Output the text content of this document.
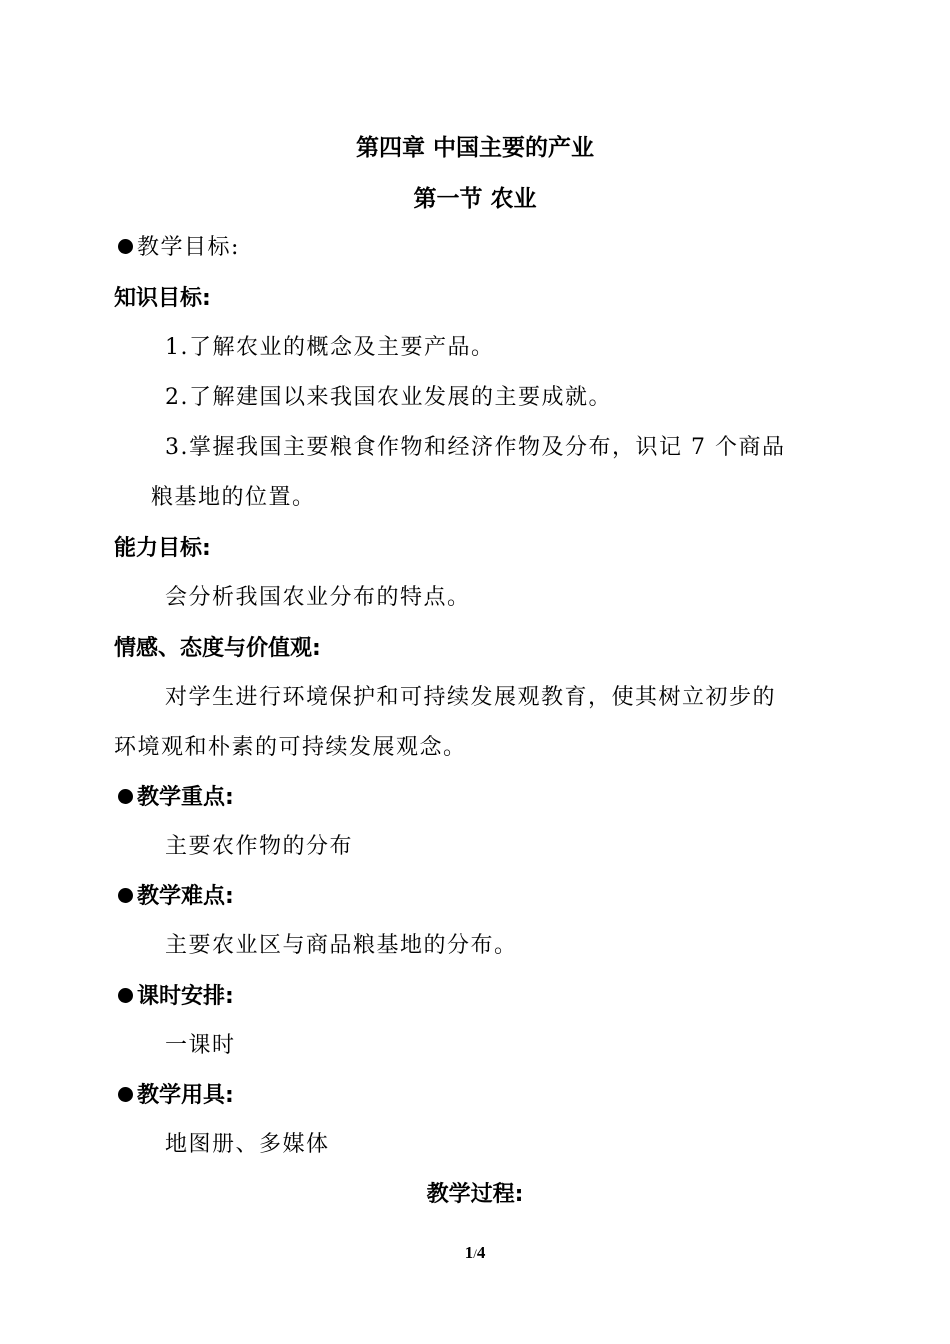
第四章 中国主要的产业
第一节 农业
教学目标:
知识目标:
1.了解农业的概念及主要产品。
2.了解建国以来我国农业发展的主要成就。
3.掌握我国主要粮食作物和经济作物及分布，识记 7 个商品
粮基地的位置。
能力目标:
会分析我国农业分布的特点。
情感、态度与价值观:
对学生进行环境保护和可持续发展观教育，使其树立初步的
环境观和朴素的可持续发展观念。
教学重点:
主要农作物的分布
教学难点:
主要农业区与商品粮基地的分布。
课时安排:
一课时
教学用具:
地图册、多媒体
教学过程:
1/4
